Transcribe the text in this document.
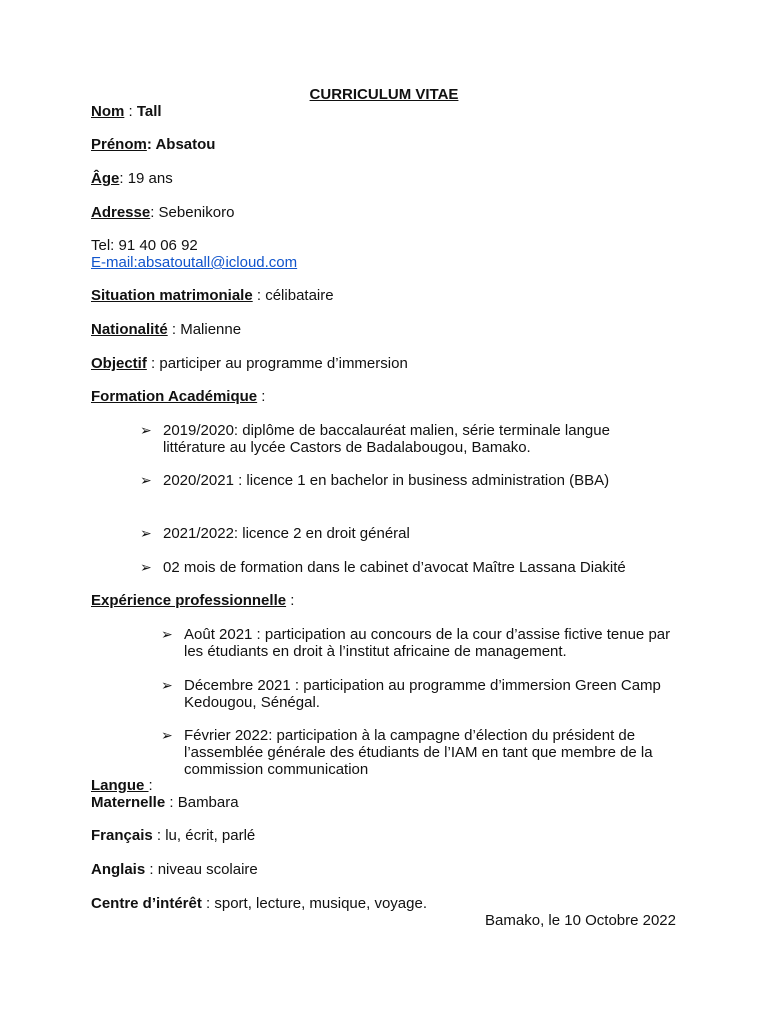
CURRICULUM VITAE
Nom : Tall
Prénom: Absatou
Âge: 19 ans
Adresse: Sebenikoro
Tel: 91 40 06 92
E-mail:absatoutall@icloud.com
Situation matrimoniale : célibataire
Nationalité : Malienne
Objectif : participer au programme d’immersion
Formation Académique :
➢ 2019/2020: diplôme de baccalauréat malien, série terminale langue littérature au lycée Castors de Badalabougou, Bamako.
➢ 2020/2021 : licence 1 en bachelor in business administration (BBA)
➢ 2021/2022: licence 2 en droit général
➢ 02 mois de formation dans le cabinet d’avocat Maître Lassana Diakité
Expérience professionnelle :
➢ Août 2021 : participation au concours de la cour d’assise fictive tenue par les étudiants en droit à l’institut africaine de management.
➢ Décembre 2021 : participation au programme d’immersion Green Camp Kedougou, Sénégal.
➢ Février 2022: participation à la campagne d’élection du président de l’assemblée générale des étudiants de l’IAM en tant que membre de la commission communication
Langue :
Maternelle : Bambara
Français : lu, écrit, parlé
Anglais : niveau scolaire
Centre d’intérêt : sport, lecture, musique, voyage.
Bamako, le 10 Octobre 2022
